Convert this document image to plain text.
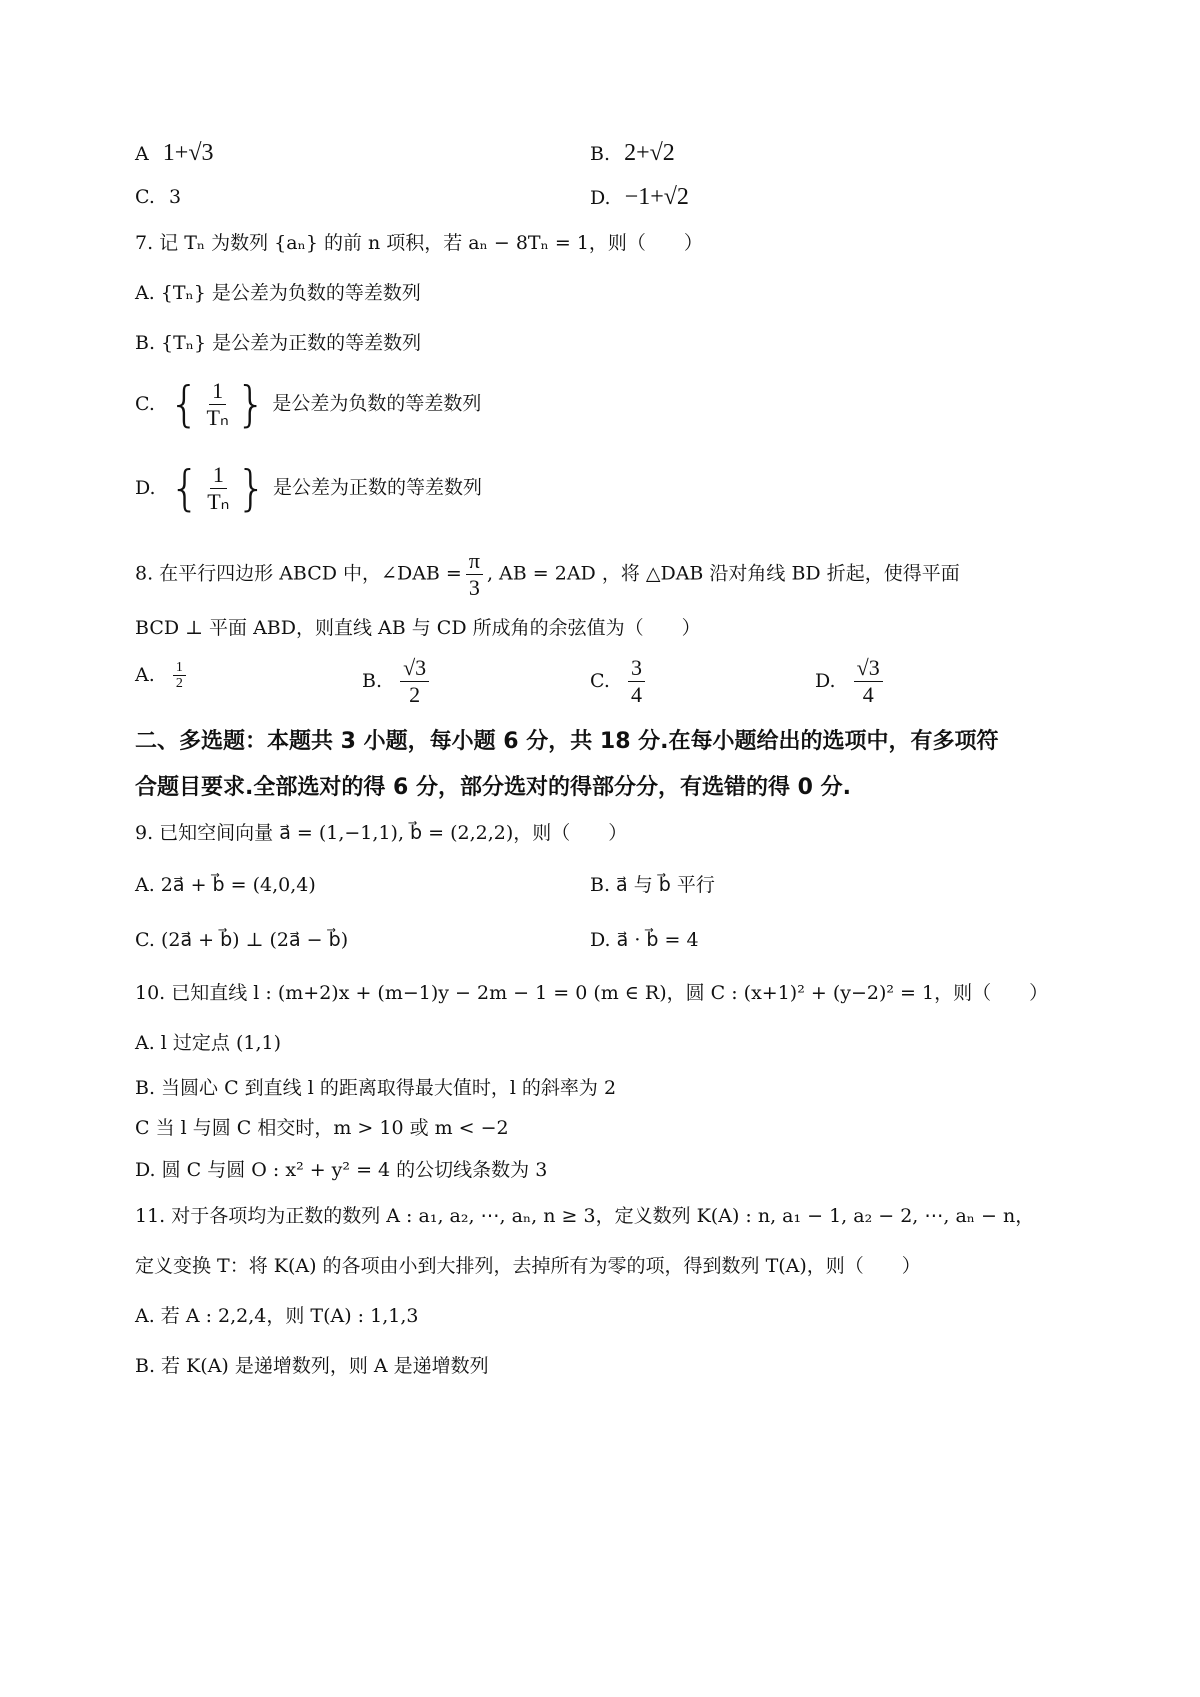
A 1+√3	B. 2+√2
C. 3	D. −1+√2
7. 记 Tₙ 为数列 {aₙ} 的前 n 项积，若 aₙ − 8Tₙ = 1，则（　　）
A. {Tₙ} 是公差为负数的等差数列
B. {Tₙ} 是公差为正数的等差数列
C. { $\frac{1}{\text{Tₙ}}$ } 是公差为负数的等差数列
D. { $\frac{1}{\text{Tₙ}}$ } 是公差为正数的等差数列
8. 在平行四边形 ABCD 中，∠DAB = $\frac{\pi}{3}$ , AB = 2AD ，将 △DAB 沿对角线 BD 折起，使得平面
BCD ⊥ 平面 ABD，则直线 AB 与 CD 所成角的余弦值为（　　）
A. $\frac{1}{2}$	B. $\frac{√3}{2}$	C. $\frac{3}{4}$	D. $\frac{√3}{4}$
二、多选题：本题共 3 小题，每小题 6 分，共 18 分.在每小题给出的选项中，有多项符
合题目要求.全部选对的得 6 分，部分选对的得部分分，有选错的得 0 分.
9. 已知空间向量 a⃗ = (1,−1,1), b⃗ = (2,2,2)，则（　　）
A. 2a⃗ + b⃗ = (4,0,4)	B. a⃗ 与 b⃗ 平行
C. (2a⃗ + b⃗) ⊥ (2a⃗ − b⃗)	D. a⃗ · b⃗ = 4
10. 已知直线 l : (m+2)x + (m−1)y − 2m − 1 = 0 (m ∈ R)，圆 C : (x+1)² + (y−2)² = 1，则（　　）
A. l 过定点 (1,1)
B. 当圆心 C 到直线 l 的距离取得最大值时，l 的斜率为 2
C 当 l 与圆 C 相交时，m > 10 或 m < −2
D. 圆 C 与圆 O : x² + y² = 4 的公切线条数为 3
11. 对于各项均为正数的数列 A : a₁, a₂, ⋯, aₙ, n ≥ 3，定义数列 K(A) : n, a₁ − 1, a₂ − 2, ⋯, aₙ − n，
定义变换 T：将 K(A) 的各项由小到大排列，去掉所有为零的项，得到数列 T(A)，则（　　）
A. 若 A : 2,2,4，则 T(A) : 1,1,3
B. 若 K(A) 是递增数列，则 A 是递增数列
